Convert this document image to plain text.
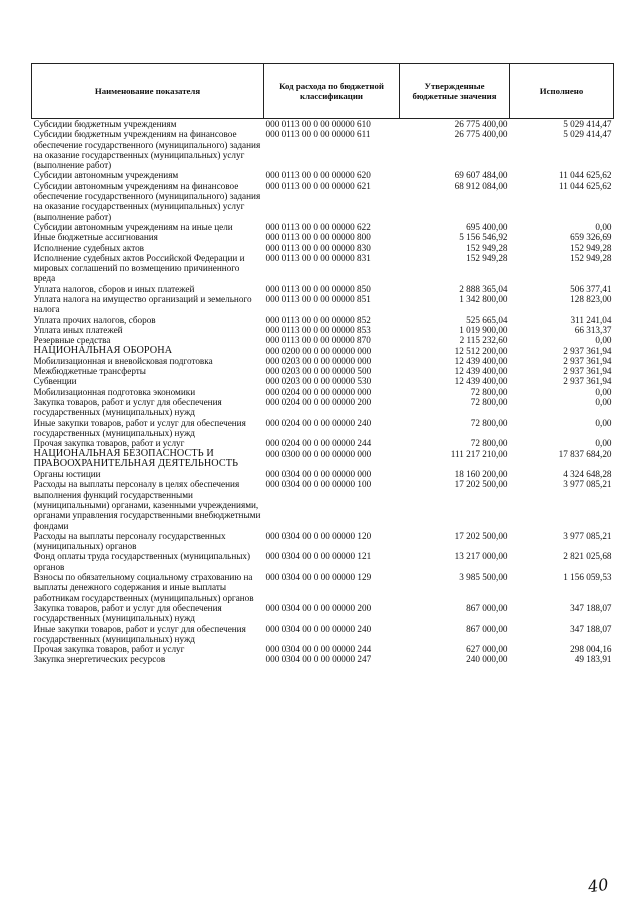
Наименование показателя	Код расхода по бюджетной классификации	Утвержденные бюджетные значения	Исполнено
Субсидии бюджетным учреждениям	000 0113 00 0 00 00000 610	26 775 400,00	5 029 414,47
Субсидии бюджетным учреждениям на финансовое обеспечение государственного (муниципального) задания на оказание государственных (муниципальных) услуг (выполнение работ)	000 0113 00 0 00 00000 611	26 775 400,00	5 029 414,47
Субсидии автономным учреждениям	000 0113 00 0 00 00000 620	69 607 484,00	11 044 625,62
Субсидии автономным учреждениям на финансовое обеспечение государственного (муниципального) задания на оказание государственных (муниципальных) услуг (выполнение работ)	000 0113 00 0 00 00000 621	68 912 084,00	11 044 625,62
Субсидии автономным учреждениям на иные цели	000 0113 00 0 00 00000 622	695 400,00	0,00
Иные бюджетные ассигнования	000 0113 00 0 00 00000 800	5 156 546,92	659 326,69
Исполнение судебных актов	000 0113 00 0 00 00000 830	152 949,28	152 949,28
Исполнение судебных актов Российской Федерации и мировых соглашений по возмещению причиненного вреда	000 0113 00 0 00 00000 831	152 949,28	152 949,28
Уплата налогов, сборов и иных платежей	000 0113 00 0 00 00000 850	2 888 365,04	506 377,41
Уплата налога на имущество организаций и земельного налога	000 0113 00 0 00 00000 851	1 342 800,00	128 823,00
Уплата прочих налогов, сборов	000 0113 00 0 00 00000 852	525 665,04	311 241,04
Уплата иных платежей	000 0113 00 0 00 00000 853	1 019 900,00	66 313,37
Резервные средства	000 0113 00 0 00 00000 870	2 115 232,60	0,00
НАЦИОНАЛЬНАЯ ОБОРОНА	000 0200 00 0 00 00000 000	12 512 200,00	2 937 361,94
Мобилизационная и вневойсковая подготовка	000 0203 00 0 00 00000 000	12 439 400,00	2 937 361,94
Межбюджетные трансферты	000 0203 00 0 00 00000 500	12 439 400,00	2 937 361,94
Субвенции	000 0203 00 0 00 00000 530	12 439 400,00	2 937 361,94
Мобилизационная подготовка экономики	000 0204 00 0 00 00000 000	72 800,00	0,00
Закупка товаров, работ и услуг для обеспечения государственных (муниципальных) нужд	000 0204 00 0 00 00000 200	72 800,00	0,00
Иные закупки товаров, работ и услуг для обеспечения государственных (муниципальных) нужд	000 0204 00 0 00 00000 240	72 800,00	0,00
Прочая закупка товаров, работ и услуг	000 0204 00 0 00 00000 244	72 800,00	0,00
НАЦИОНАЛЬНАЯ БЕЗОПАСНОСТЬ И ПРАВООХРАНИТЕЛЬНАЯ ДЕЯТЕЛЬНОСТЬ	000 0300 00 0 00 00000 000	111 217 210,00	17 837 684,20
Органы юстиции	000 0304 00 0 00 00000 000	18 160 200,00	4 324 648,28
Расходы на выплаты персоналу в целях обеспечения выполнения функций государственными (муниципальными) органами, казенными учреждениями, органами управления государственными внебюджетными фондами	000 0304 00 0 00 00000 100	17 202 500,00	3 977 085,21
Расходы на выплаты персоналу государственных (муниципальных) органов	000 0304 00 0 00 00000 120	17 202 500,00	3 977 085,21
Фонд оплаты труда государственных (муниципальных) органов	000 0304 00 0 00 00000 121	13 217 000,00	2 821 025,68
Взносы по обязательному социальному страхованию на выплаты денежного содержания и иные выплаты работникам государственных (муниципальных) органов	000 0304 00 0 00 00000 129	3 985 500,00	1 156 059,53
Закупка товаров, работ и услуг для обеспечения государственных (муниципальных) нужд	000 0304 00 0 00 00000 200	867 000,00	347 188,07
Иные закупки товаров, работ и услуг для обеспечения государственных (муниципальных) нужд	000 0304 00 0 00 00000 240	867 000,00	347 188,07
Прочая закупка товаров, работ и услуг	000 0304 00 0 00 00000 244	627 000,00	298 004,16
Закупка энергетических ресурсов	000 0304 00 0 00 00000 247	240 000,00	49 183,91
40
